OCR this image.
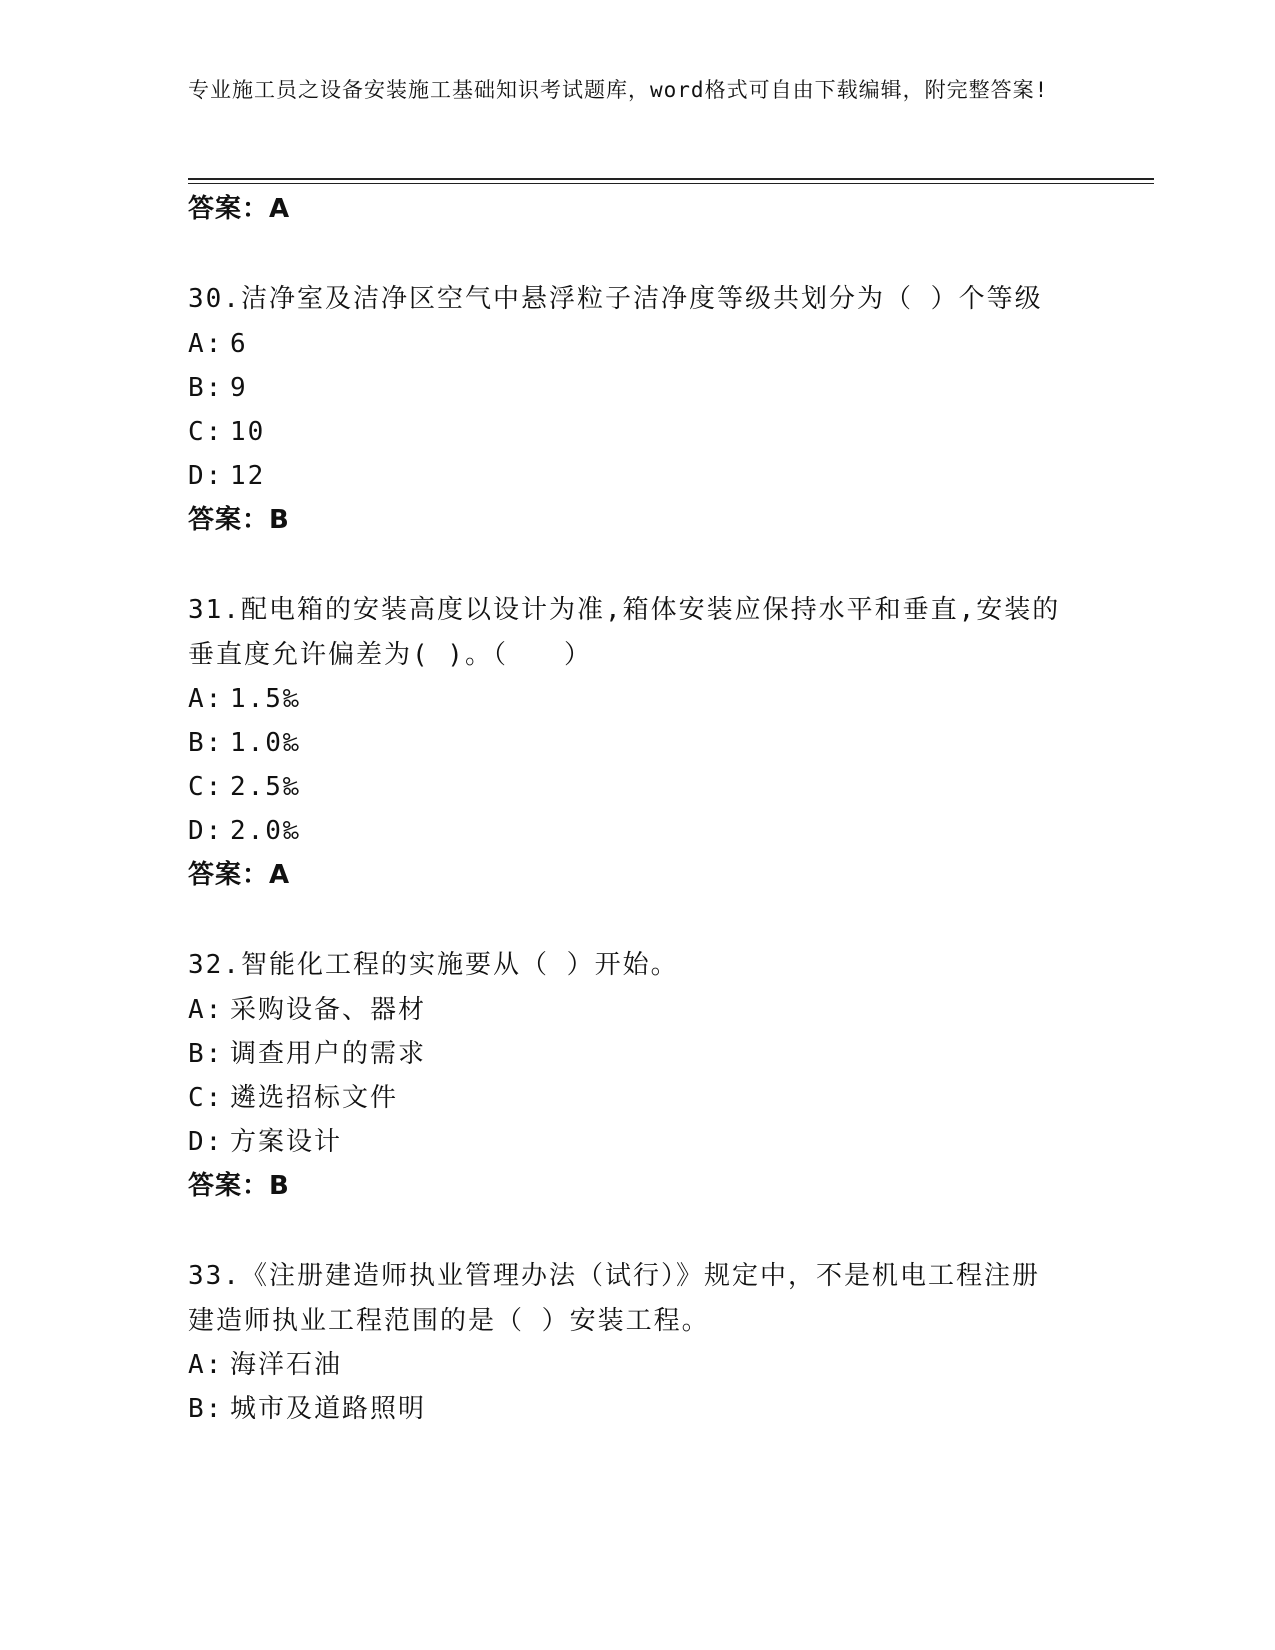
专业施工员之设备安装施工基础知识考试题库，word格式可自由下载编辑，附完整答案!
答案：A
30.洁净室及洁净区空气中悬浮粒子洁净度等级共划分为（ ）个等级
A: 6
B: 9
C: 10
D: 12
答案：B
31.配电箱的安装高度以设计为准,箱体安装应保持水平和垂直,安装的
垂直度允许偏差为( )。（　　）
A: 1.5‰
B: 1.0‰
C: 2.5‰
D: 2.0‰
答案：A
32.智能化工程的实施要从（ ）开始。
A: 采购设备、器材
B: 调查用户的需求
C: 遴选招标文件
D: 方案设计
答案：B
33.《注册建造师执业管理办法（试行）》规定中，不是机电工程注册
建造师执业工程范围的是（ ）安装工程。
A: 海洋石油
B: 城市及道路照明
